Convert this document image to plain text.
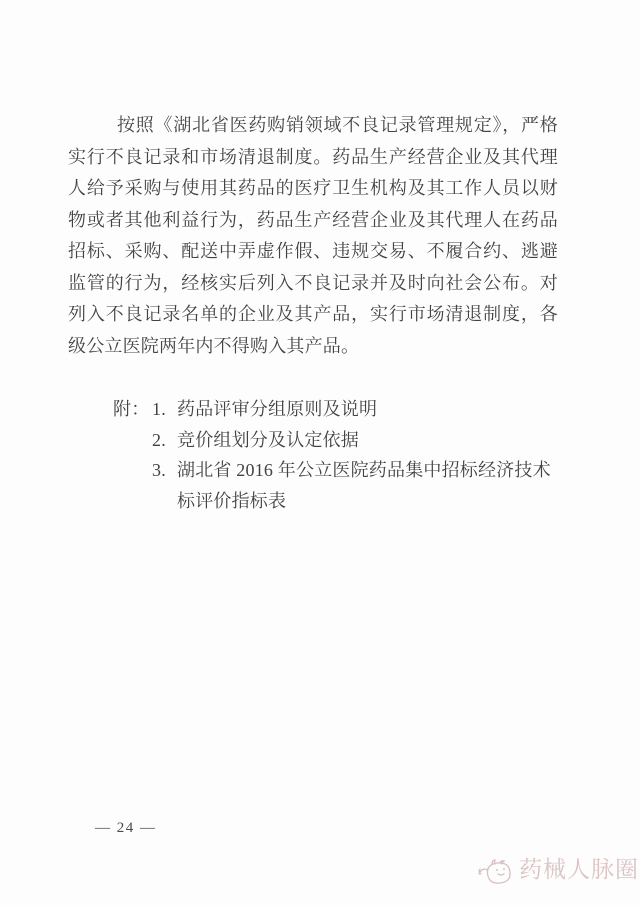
按照《湖北省医药购销领域不良记录管理规定》，严格实行不良记录和市场清退制度。药品生产经营企业及其代理人给予采购与使用其药品的医疗卫生机构及其工作人员以财物或者其他利益行为，药品生产经营企业及其代理人在药品招标、采购、配送中弄虚作假、违规交易、不履合约、逃避监管的行为，经核实后列入不良记录并及时向社会公布。对列入不良记录名单的企业及其产品，实行市场清退制度，各级公立医院两年内不得购入其产品。

附： 1. 药品评审分组原则及说明
2. 竞价组划分及认定依据
3. 湖北省 2016 年公立医院药品集中招标经济技术标评价指标表
— 24 —
药械人脉圈
